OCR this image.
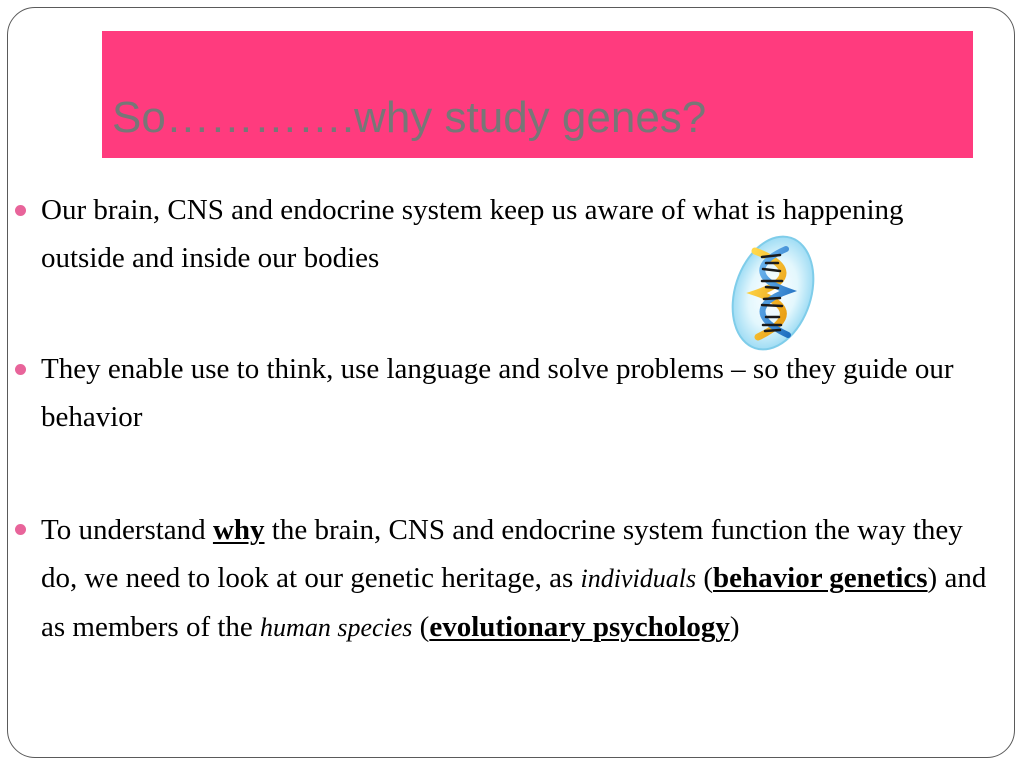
So………….why study genes?
Our brain, CNS and endocrine system keep us aware of what is happening outside and inside our bodies
They enable use to think, use language and solve problems – so they guide our behavior
To understand why the brain, CNS and endocrine system function the way they do, we need to look at our genetic heritage, as individuals (behavior genetics) and as members of the human species (evolutionary psychology)
